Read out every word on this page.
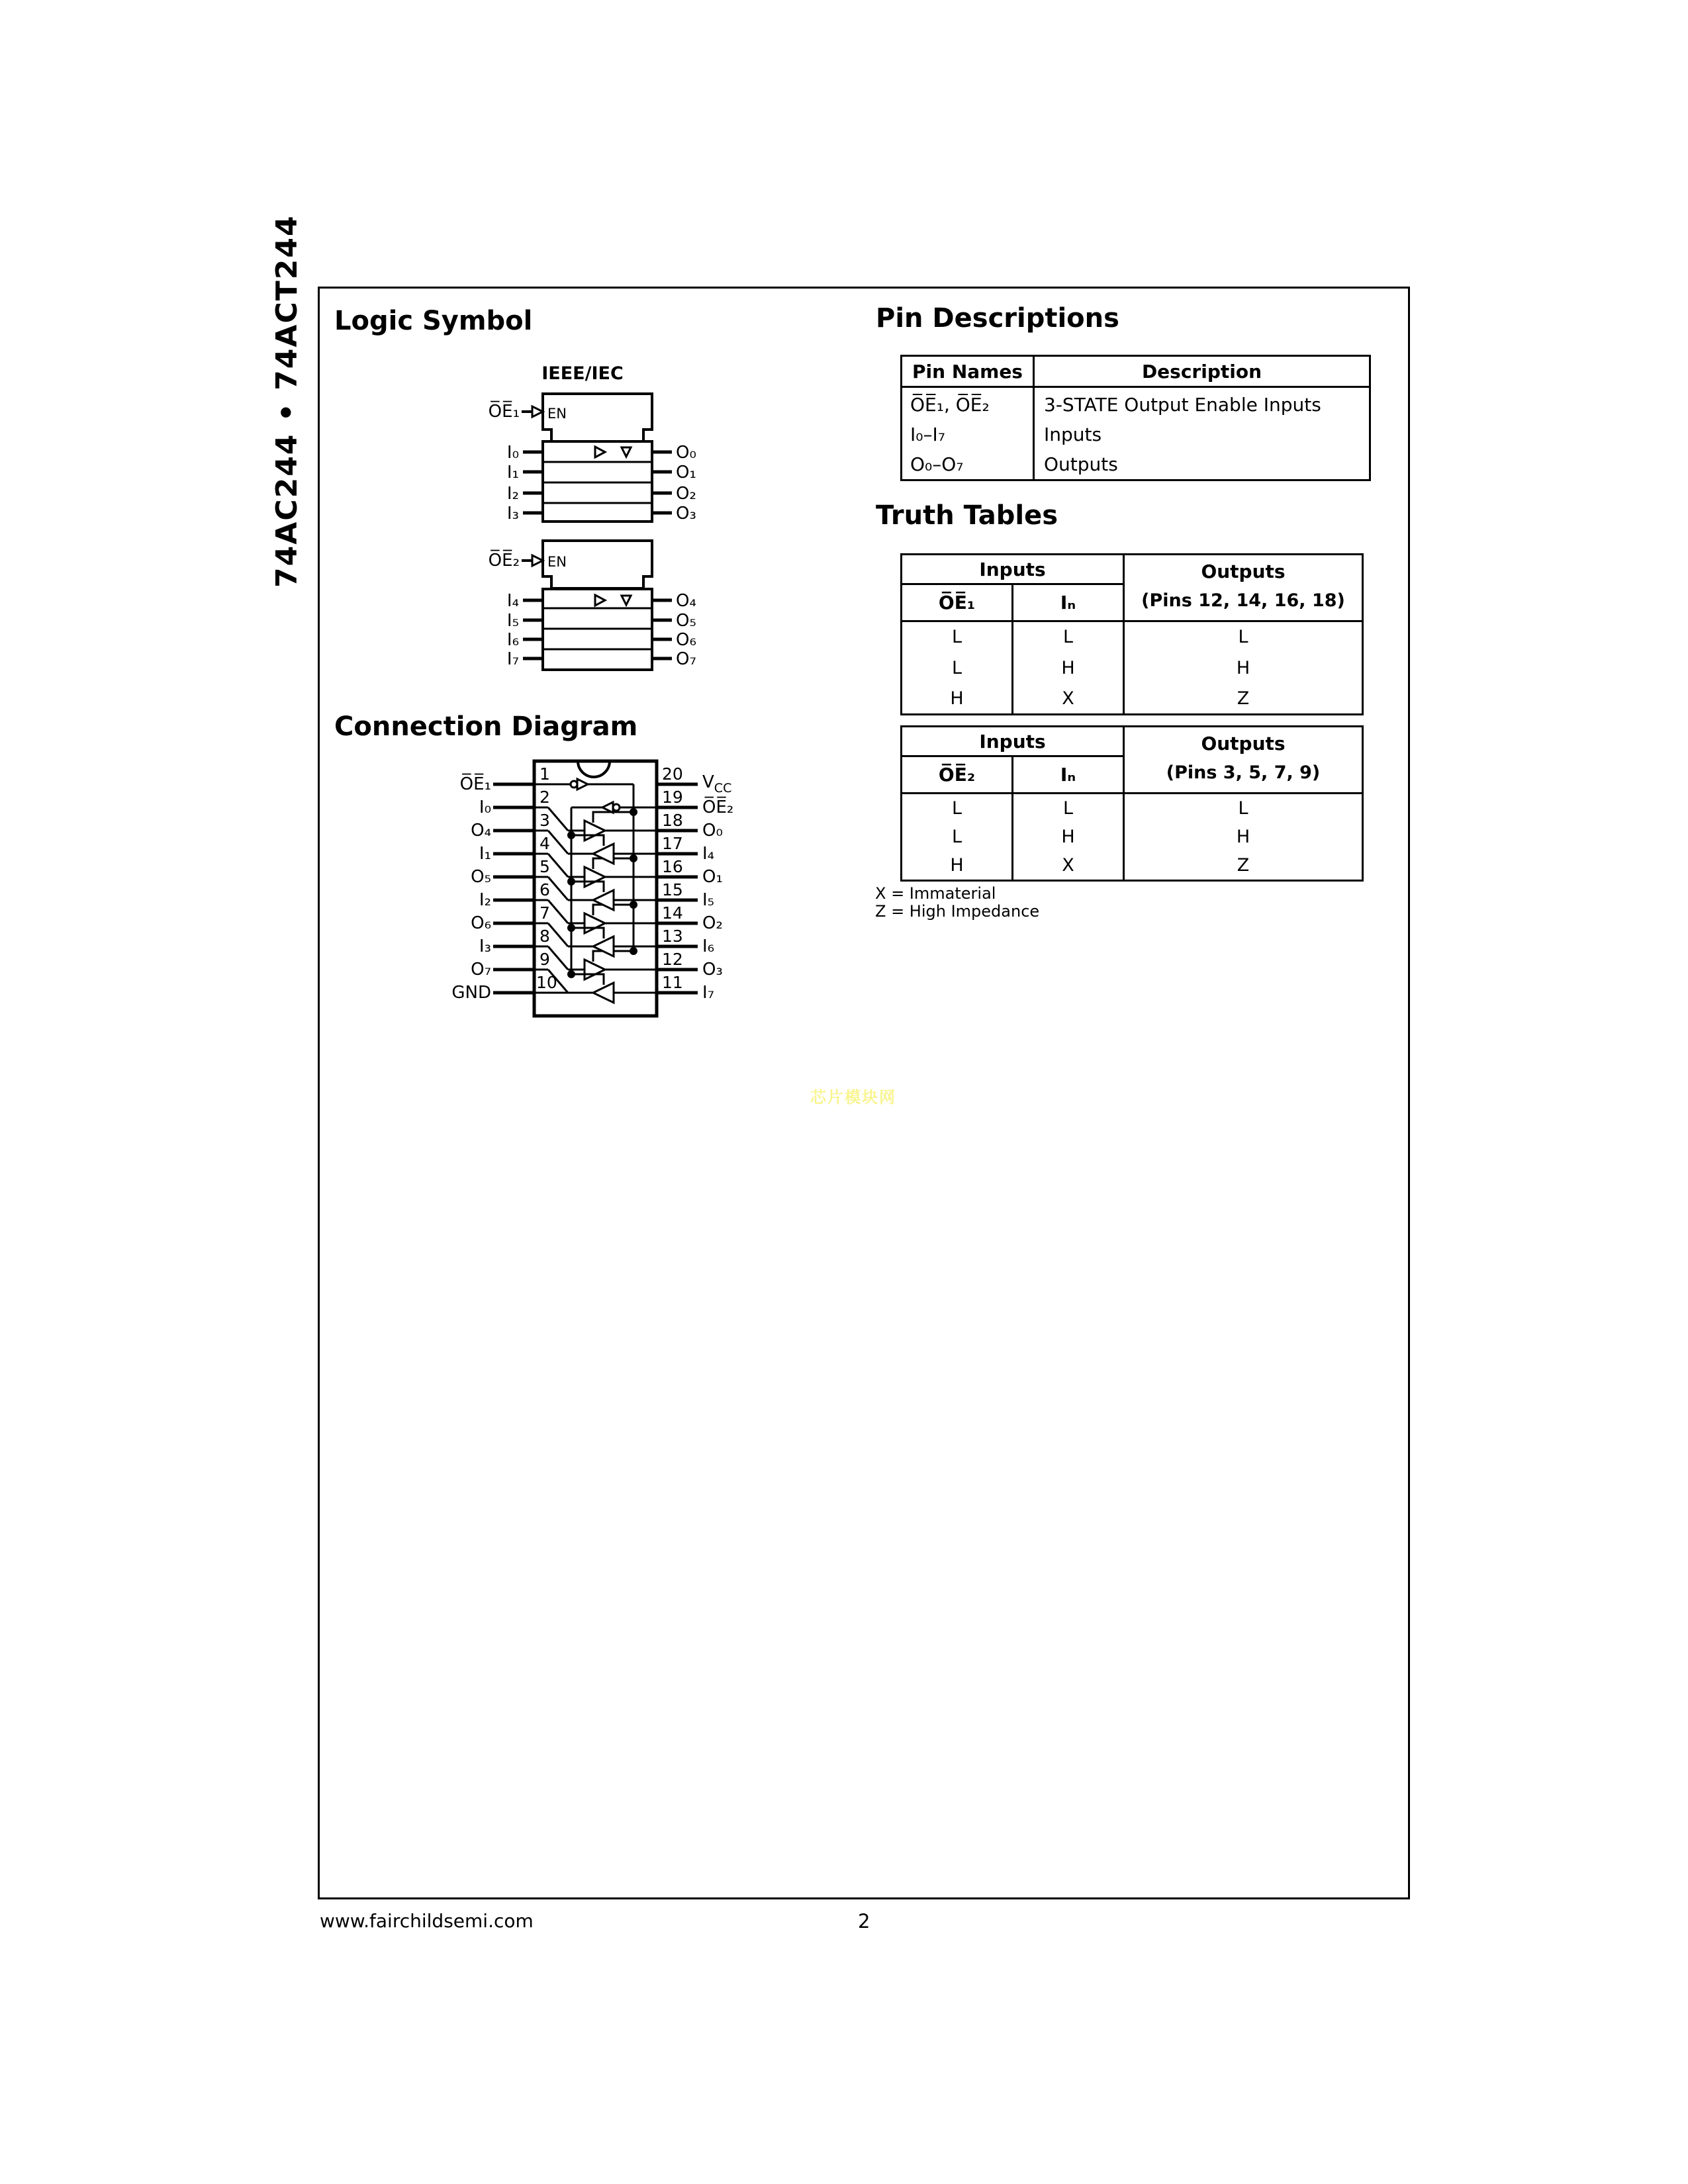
74AC244 • 74ACT244 Logic Symbol
IEEE/IEC
EN
O̅E̅₁
I₀
I₁
I₂
I₃
O₀
O₁
O₂
O₃
EN
O̅E̅₂
I₄
I₅
I₆
I₇
O₄
O₅
O₆
O₇
Connection Diagram
O̅E̅₁
I₀
O₄
I₁
O₅
I₂
O₆
I₃
O₇
GND
1
2
3
4
5
6
7
8
9
10
20
19
18
17
16
15
14
13
12
11
$V_{CC}$
O̅E̅₂
O₀
I₄
O₁
I₅
O₂
I₆
O₃
I₇
Pin Descriptions
Pin Names	Description
O̅E̅₁, O̅E̅₂	3-STATE Output Enable Inputs
I₀–I₇	Inputs
O₀–O₇	Outputs
Truth Tables
Inputs		Outputs
(Pins 12, 14, 16, 18)

O̅E̅₁	Iₙ	
L	L	L
L	H	H
H	X	Z
Inputs		Outputs
(Pins 3, 5, 7, 9)

O̅E̅₂	Iₙ	
L	L	L
L	H	H
H	X	Z
X = Immaterial
Z = High Impedance
芯片模块网
www.fairchildsemi.com	2
